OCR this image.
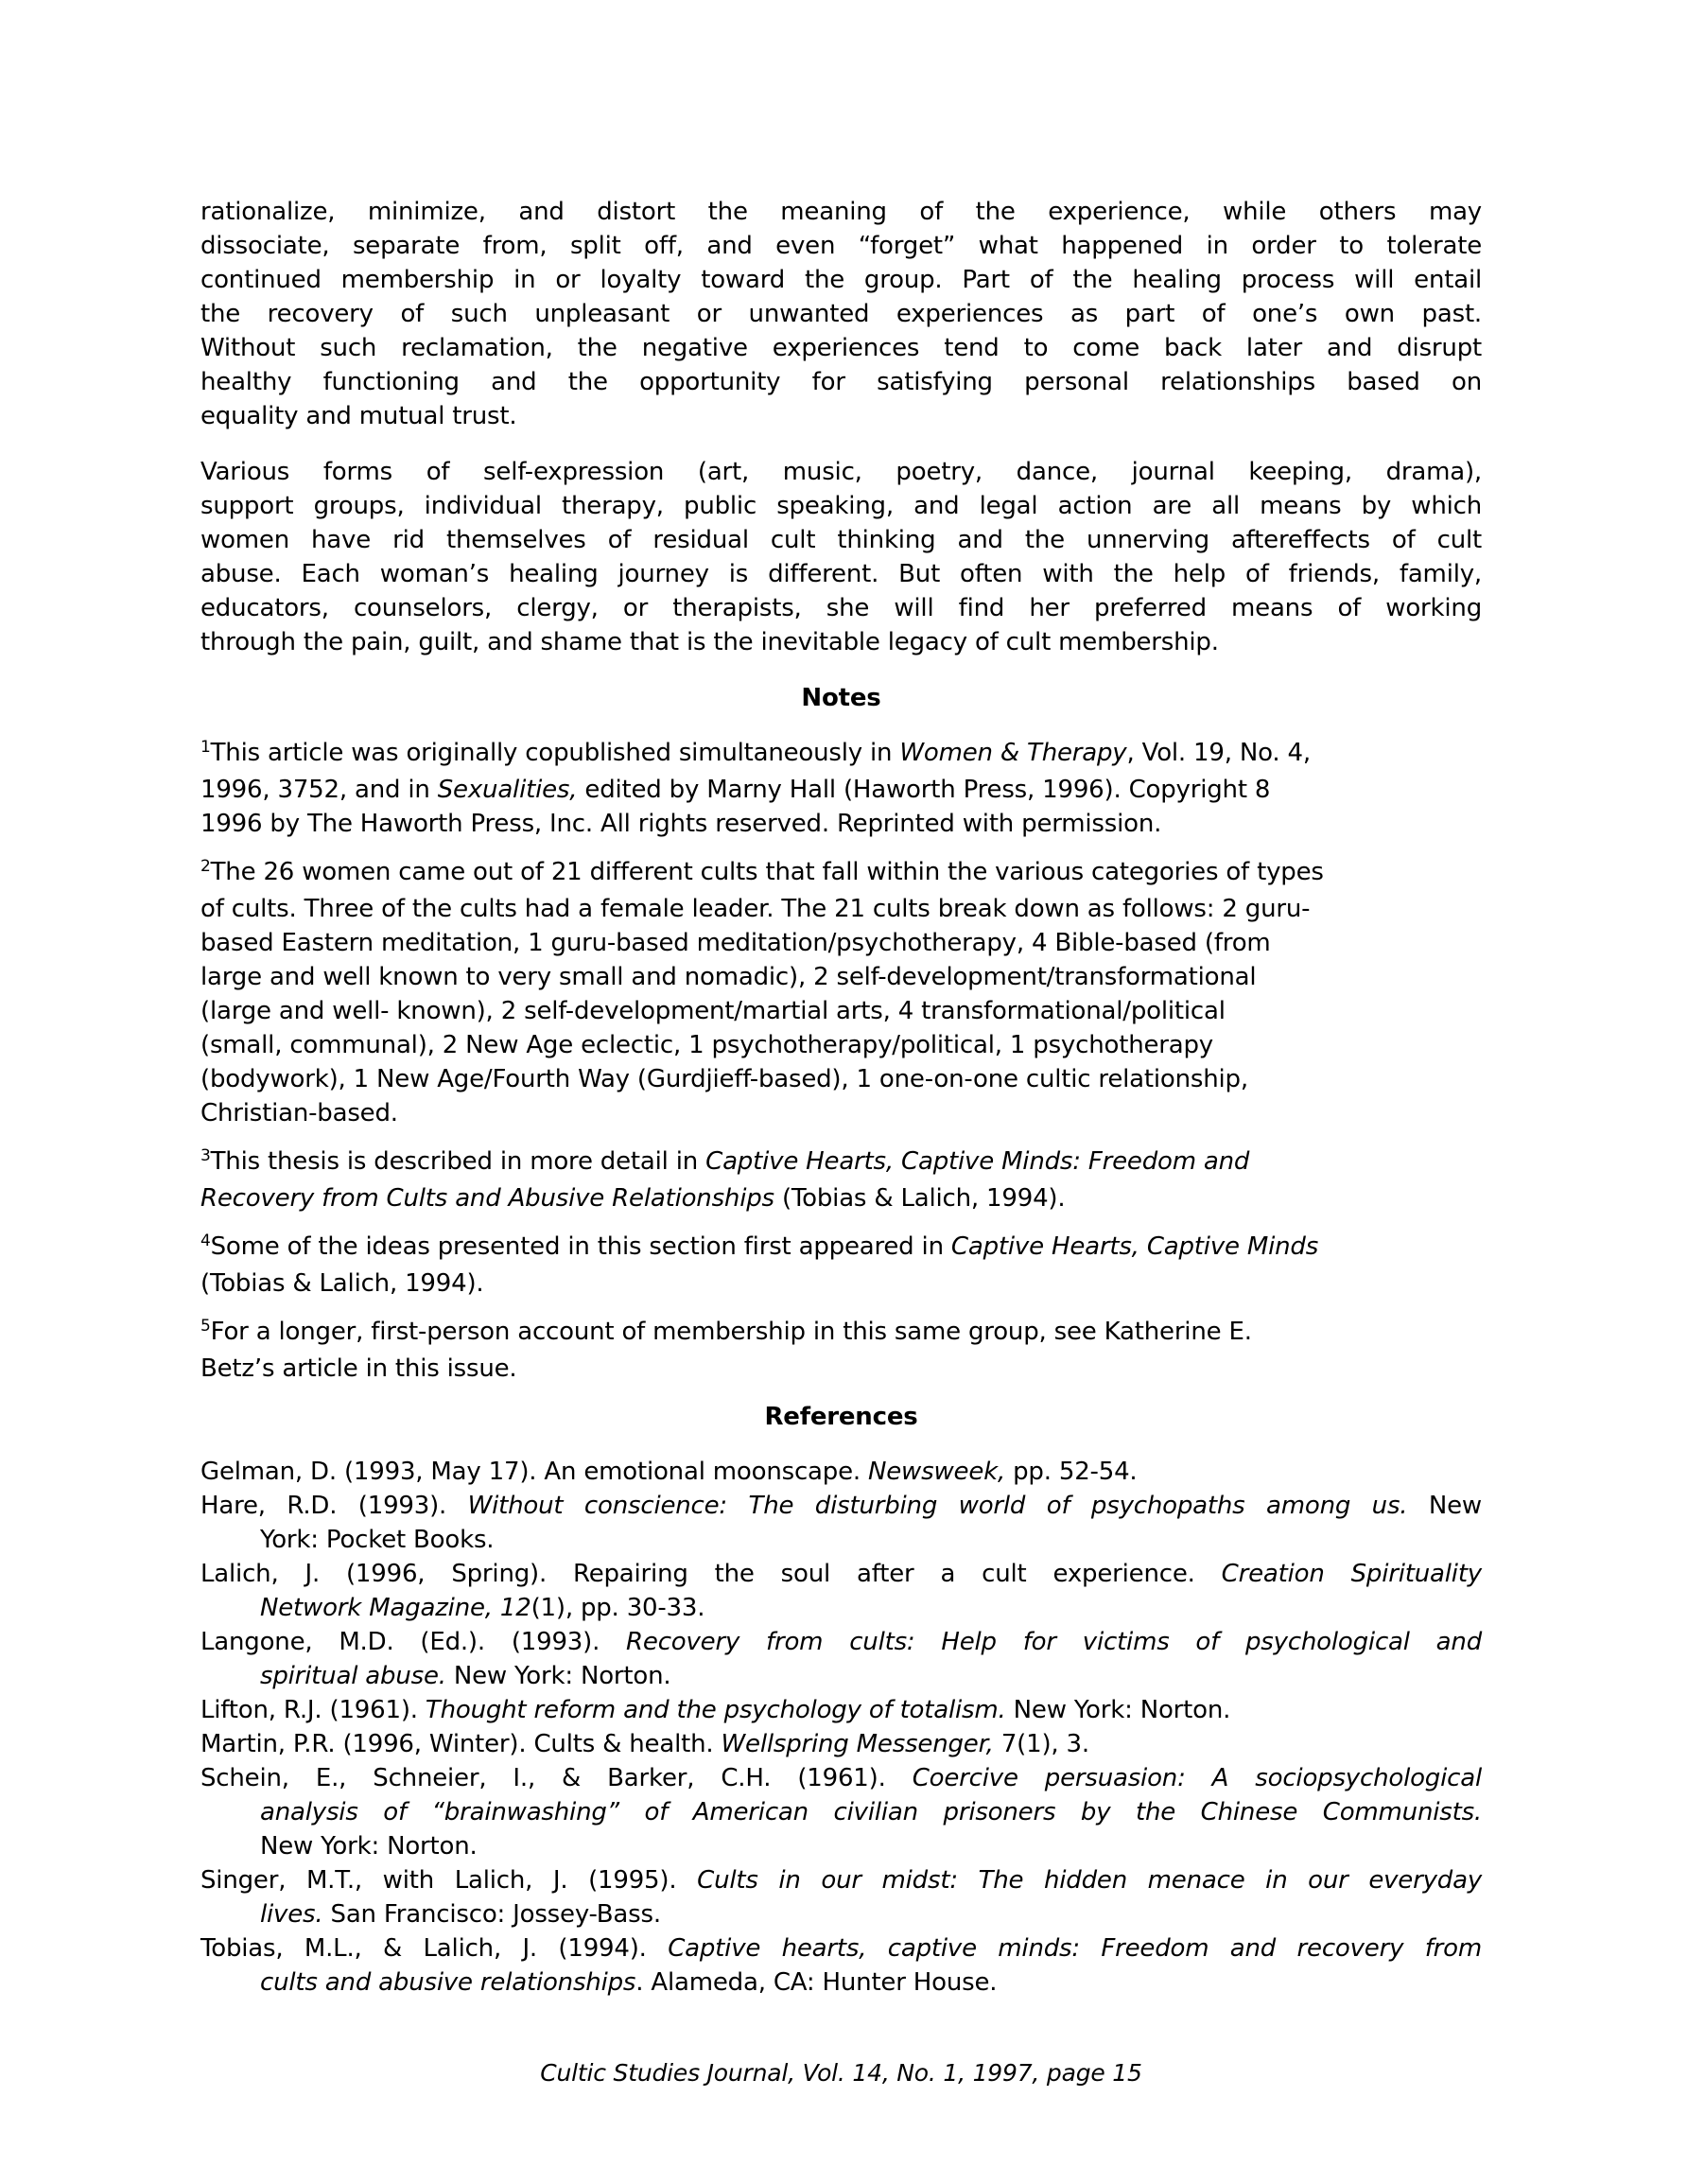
rationalize, minimize, and distort the meaning of the experience, while others may
dissociate, separate from, split off, and even “forget” what happened in order to tolerate
continued membership in or loyalty toward the group. Part of the healing process will entail
the recovery of such unpleasant or unwanted experiences as part of one’s own past.
Without such reclamation, the negative experiences tend to come back later and disrupt
healthy functioning and the opportunity for satisfying personal relationships based on
equality and mutual trust.
Various forms of self-expression (art, music, poetry, dance, journal keeping, drama),
support groups, individual therapy, public speaking, and legal action are all means by which
women have rid themselves of residual cult thinking and the unnerving aftereffects of cult
abuse. Each woman’s healing journey is different. But often with the help of friends, family,
educators, counselors, clergy, or therapists, she will find her preferred means of working
through the pain, guilt, and shame that is the inevitable legacy of cult membership.
Notes
$^1$This article was originally copublished simultaneously in Women & Therapy, Vol. 19, No. 4,
1996, 3752, and in Sexualities, edited by Marny Hall (Haworth Press, 1996). Copyright 8
1996 by The Haworth Press, Inc. All rights reserved. Reprinted with permission.
$^2$The 26 women came out of 21 different cults that fall within the various categories of types
of cults. Three of the cults had a female leader. The 21 cults break down as follows: 2 guru-
based Eastern meditation, 1 guru-based meditation/psychotherapy, 4 Bible-based (from
large and well known to very small and nomadic), 2 self-development/transformational
(large and well- known), 2 self-development/martial arts, 4 transformational/political
(small, communal), 2 New Age eclectic, 1 psychotherapy/political, 1 psychotherapy
(bodywork), 1 New Age/Fourth Way (Gurdjieff-based), 1 one-on-one cultic relationship,
Christian-based.
$^3$This thesis is described in more detail in Captive Hearts, Captive Minds: Freedom and
Recovery from Cults and Abusive Relationships (Tobias & Lalich, 1994).
$^4$Some of the ideas presented in this section first appeared in Captive Hearts, Captive Minds
(Tobias & Lalich, 1994).
$^5$For a longer, first-person account of membership in this same group, see Katherine E.
Betz’s article in this issue.
References
Gelman, D. (1993, May 17). An emotional moonscape. Newsweek, pp. 52-54.
Hare, R.D. (1993). Without conscience: The disturbing world of psychopaths among us. New
York: Pocket Books.
Lalich, J. (1996, Spring). Repairing the soul after a cult experience. Creation Spirituality
Network Magazine, 12(1), pp. 30-33.
Langone, M.D. (Ed.). (1993). Recovery from cults: Help for victims of psychological and
spiritual abuse. New York: Norton.
Lifton, R.J. (1961). Thought reform and the psychology of totalism. New York: Norton.
Martin, P.R. (1996, Winter). Cults & health. Wellspring Messenger, 7(1), 3.
Schein, E., Schneier, I., & Barker, C.H. (1961). Coercive persuasion: A sociopsychological
analysis of “brainwashing” of American civilian prisoners by the Chinese Communists.
New York: Norton.
Singer, M.T., with Lalich, J. (1995). Cults in our midst: The hidden menace in our everyday
lives. San Francisco: Jossey-Bass.
Tobias, M.L., & Lalich, J. (1994). Captive hearts, captive minds: Freedom and recovery from
cults and abusive relationships. Alameda, CA: Hunter House.
Cultic Studies Journal, Vol. 14, No. 1, 1997, page 15
